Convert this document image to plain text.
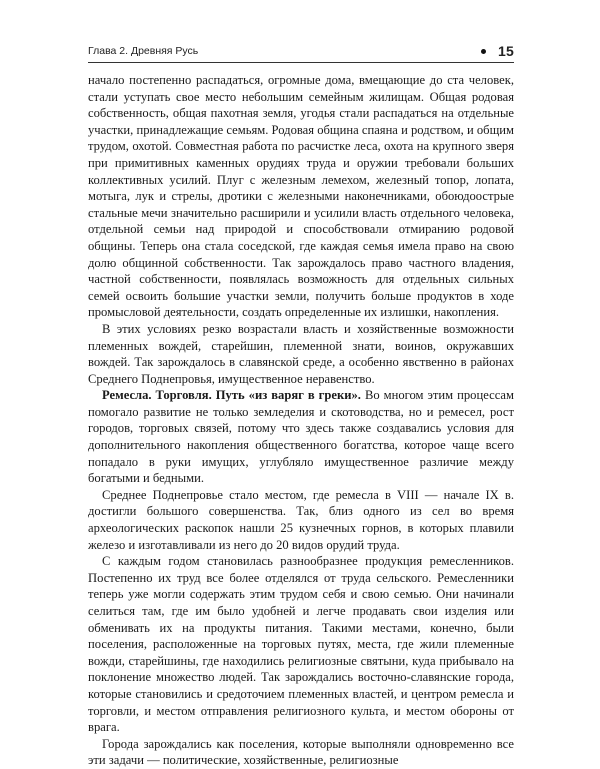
Глава 2. Древняя Русь	15

начало постепенно распадаться, огромные дома, вмещающие до ста человек, стали уступать свое место небольшим семейным жилищам. Общая родовая собственность, общая пахотная земля, угодья стали распадаться на отдельные участки, принадлежащие семьям. Родовая община спаяна и родством, и общим трудом, охотой. Совместная работа по расчистке леса, охота на крупного зверя при примитивных каменных орудиях труда и оружии требовали больших коллективных усилий. Плуг с железным лемехом, железный топор, лопата, мотыга, лук и стрелы, дротики с железными наконечниками, обоюдоострые стальные мечи значительно расширили и усилили власть отдельного человека, отдельной семьи над природой и способствовали отмиранию родовой общины. Теперь она стала соседской, где каждая семья имела право на свою долю общинной собственности. Так зарождалось право частного владения, частной собственности, появлялась возможность для отдельных сильных семей освоить большие участки земли, получить больше продуктов в ходе промысловой деятельности, создать определенные их излишки, накопления.

В этих условиях резко возрастали власть и хозяйственные возможности племенных вождей, старейшин, племенной знати, воинов, окружавших вождей. Так зарождалось в славянской среде, а особенно явственно в районах Среднего Поднепровья, имущественное неравенство.

Ремесла. Торговля. Путь «из варяг в греки». Во многом этим процессам помогало развитие не только земледелия и скотоводства, но и ремесел, рост городов, торговых связей, потому что здесь также создавались условия для дополнительного накопления общественного богатства, которое чаще всего попадало в руки имущих, углубляло имущественное различие между богатыми и бедными.

Среднее Поднепровье стало местом, где ремесла в VIII — начале IX в. достигли большого совершенства. Так, близ одного из сел во время археологических раскопок нашли 25 кузнечных горнов, в которых плавили железо и изготавливали из него до 20 видов орудий труда.

С каждым годом становилась разнообразнее продукция ремесленников. Постепенно их труд все более отделялся от труда сельского. Ремесленники теперь уже могли содержать этим трудом себя и свою семью. Они начинали селиться там, где им было удобней и легче продавать свои изделия или обменивать их на продукты питания. Такими местами, конечно, были поселения, расположенные на торговых путях, места, где жили племенные вожди, старейшины, где находились религиозные святыни, куда прибывало на поклонение множество людей. Так зарождались восточно-славянские города, которые становились и средоточием племенных властей, и центром ремесла и торговли, и местом отправления религиозного культа, и местом обороны от врага.

Города зарождались как поселения, которые выполняли одновременно все эти задачи — политические, хозяйственные, религиозные
